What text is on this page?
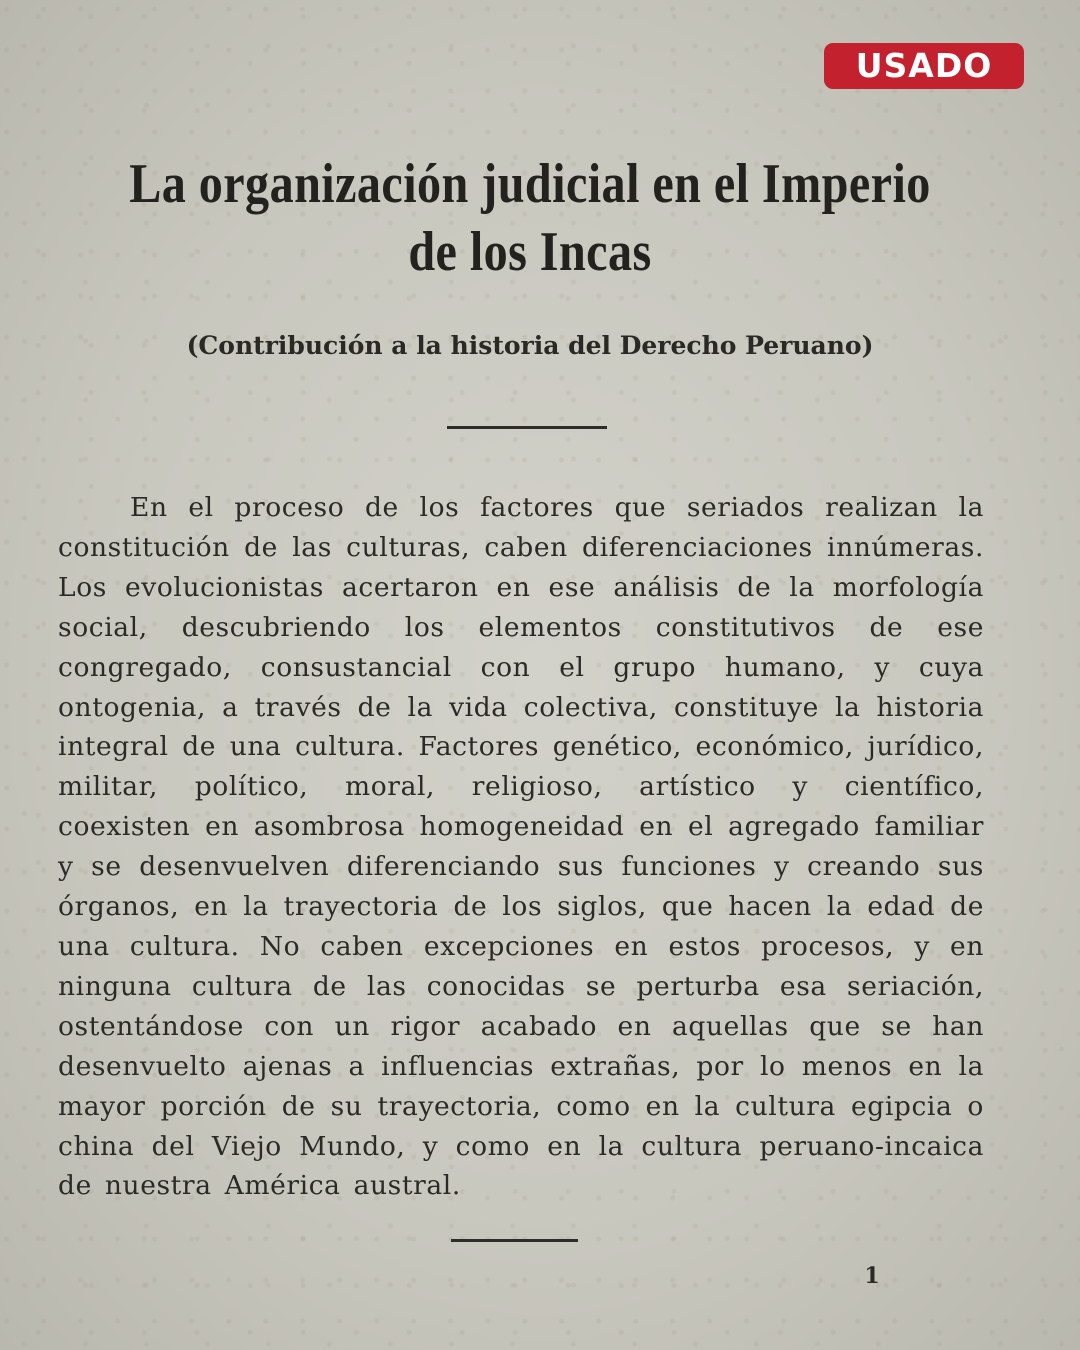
USADO
La organización judicial en el Imperio de los Incas
(Contribución a la historia del Derecho Peruano)

En el proceso de los factores que seriados realizan la constitución de las culturas, caben diferenciaciones innúmeras. Los evolucionistas acertaron en ese análisis de la morfología social, descubriendo los elementos constitutivos de ese congregado, consustancial con el grupo humano, y cuya ontogenia, a través de la vida colectiva, constituye la historia integral de una cultura. Factores genético, económico, jurídico, militar, político, moral, religioso, artístico y científico, coexisten en asombrosa homogeneidad en el agregado familiar y se desenvuelven diferenciando sus funciones y creando sus órganos, en la trayectoria de los siglos, que hacen la edad de una cultura. No caben excepciones en estos procesos, y en ninguna cultura de las conocidas se perturba esa seriación, ostentándose con un rigor acabado en aquellas que se han desenvuelto ajenas a influencias extrañas, por lo menos en la mayor porción de su trayectoria, como en la cultura egipcia o china del Viejo Mundo, y como en la cultura peruano-incaica de nuestra América austral.

1
